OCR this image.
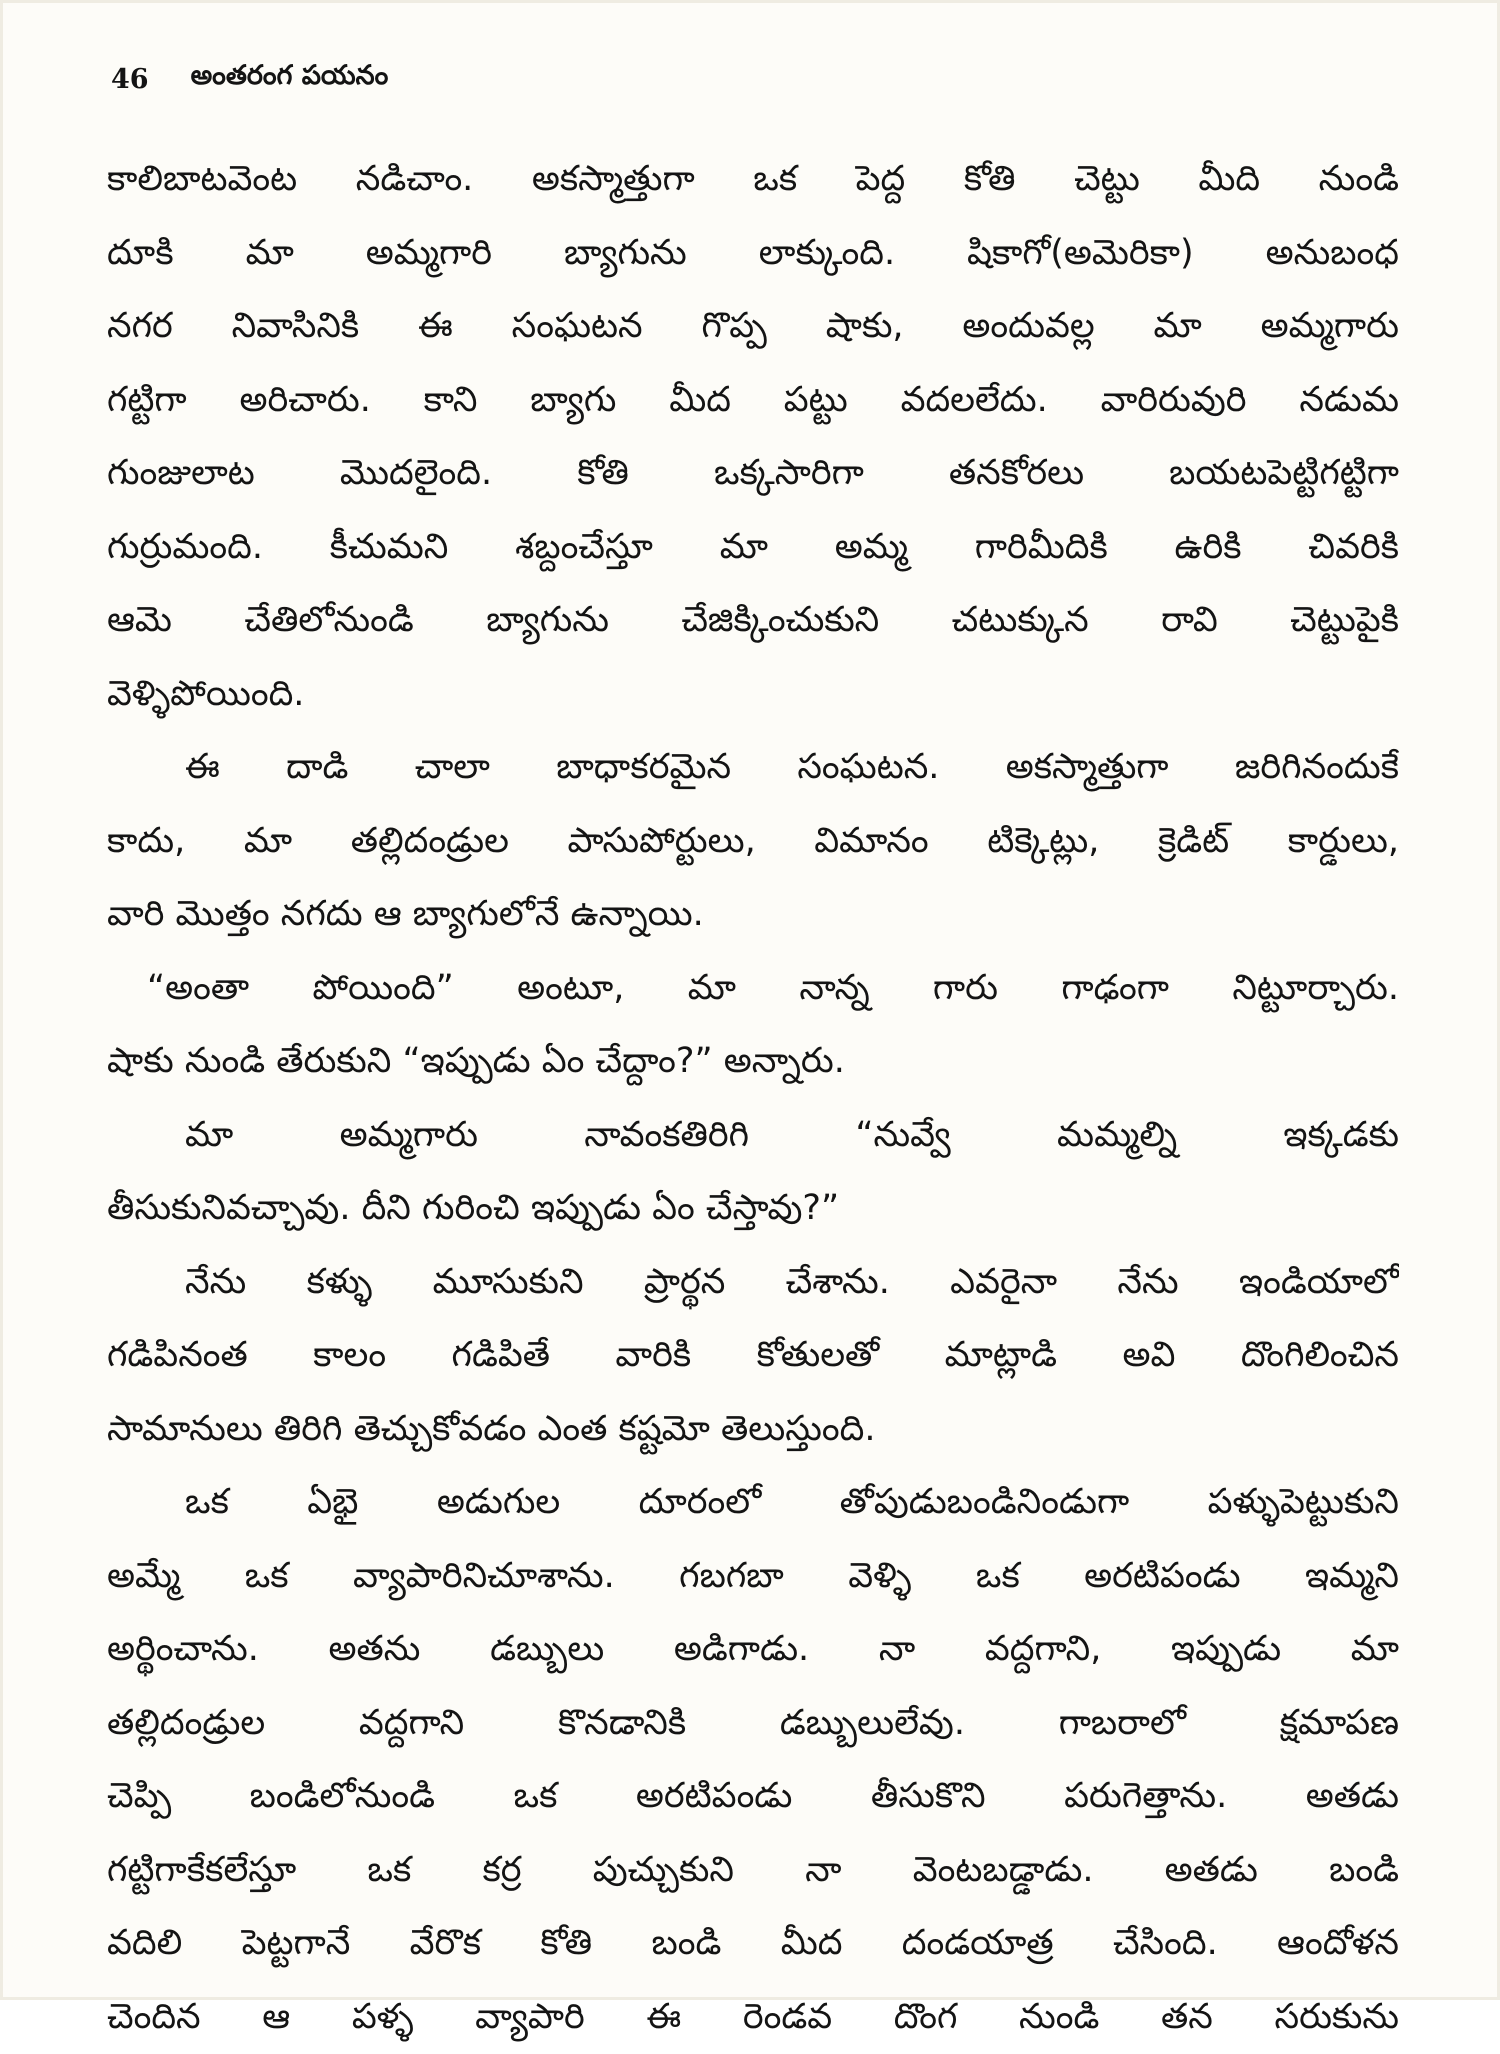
46 అంతరంగ పయనం
కాలిబాటవెంట నడిచాం. అకస్మాత్తుగా ఒక పెద్ద కోతి చెట్టు మీది నుండి
దూకి మా అమ్మగారి బ్యాగును లాక్కుంది. షికాగో(అమెరికా) అనుబంధ
నగర నివాసినికి ఈ సంఘటన గొప్ప షాకు, అందువల్ల మా అమ్మగారు
గట్టిగా అరిచారు. కాని బ్యాగు మీద పట్టు వదలలేదు. వారిరువురి నడుమ
గుంజులాట మొదలైంది. కోతి ఒక్కసారిగా తనకోరలు బయటపెట్టిగట్టిగా
గుర్రుమంది. కీచుమని శబ్దంచేస్తూ మా అమ్మ గారిమీదికి ఉరికి చివరికి
ఆమె చేతిలోనుండి బ్యాగును చేజిక్కించుకుని చటుక్కున రావి చెట్టుపైకి
వెళ్ళిపోయింది.
ఈ దాడి చాలా బాధాకరమైన సంఘటన. అకస్మాత్తుగా జరిగినందుకే
కాదు, మా తల్లిదండ్రుల పాసుపోర్టులు, విమానం టిక్కెట్లు, క్రెడిట్ కార్డులు,
వారి మొత్తం నగదు ఆ బ్యాగులోనే ఉన్నాయి.
“అంతా పోయింది” అంటూ, మా నాన్న గారు గాఢంగా నిట్టూర్చారు.
షాకు నుండి తేరుకుని “ఇప్పుడు ఏం చేద్దాం?” అన్నారు.
మా అమ్మగారు నావంకతిరిగి “నువ్వే మమ్మల్ని ఇక్కడకు
తీసుకునివచ్చావు. దీని గురించి ఇప్పుడు ఏం చేస్తావు?”
నేను కళ్ళు మూసుకుని ప్రార్థన చేశాను. ఎవరైనా నేను ఇండియాలో
గడిపినంత కాలం గడిపితే వారికి కోతులతో మాట్లాడి అవి దొంగిలించిన
సామానులు తిరిగి తెచ్చుకోవడం ఎంత కష్టమో తెలుస్తుంది.
ఒక ఏభై అడుగుల దూరంలో తోపుడుబండినిండుగా పళ్ళుపెట్టుకుని
అమ్మే ఒక వ్యాపారినిచూశాను. గబగబా వెళ్ళి ఒక అరటిపండు ఇమ్మని
అర్థించాను. అతను డబ్బులు అడిగాడు. నా వద్దగాని, ఇప్పుడు మా
తల్లిదండ్రుల వద్దగాని కొనడానికి డబ్బులులేవు. గాబరాలో క్షమాపణ
చెప్పి బండిలోనుండి ఒక అరటిపండు తీసుకొని పరుగెత్తాను. అతడు
గట్టిగాకేకలేస్తూ ఒక కర్ర పుచ్చుకుని నా వెంటబడ్డాడు. అతడు బండి
వదిలి పెట్టగానే వేరొక కోతి బండి మీద దండయాత్ర చేసింది. ఆందోళన
చెందిన ఆ పళ్ళ వ్యాపారి ఈ రెండవ దొంగ నుండి తన సరుకును
